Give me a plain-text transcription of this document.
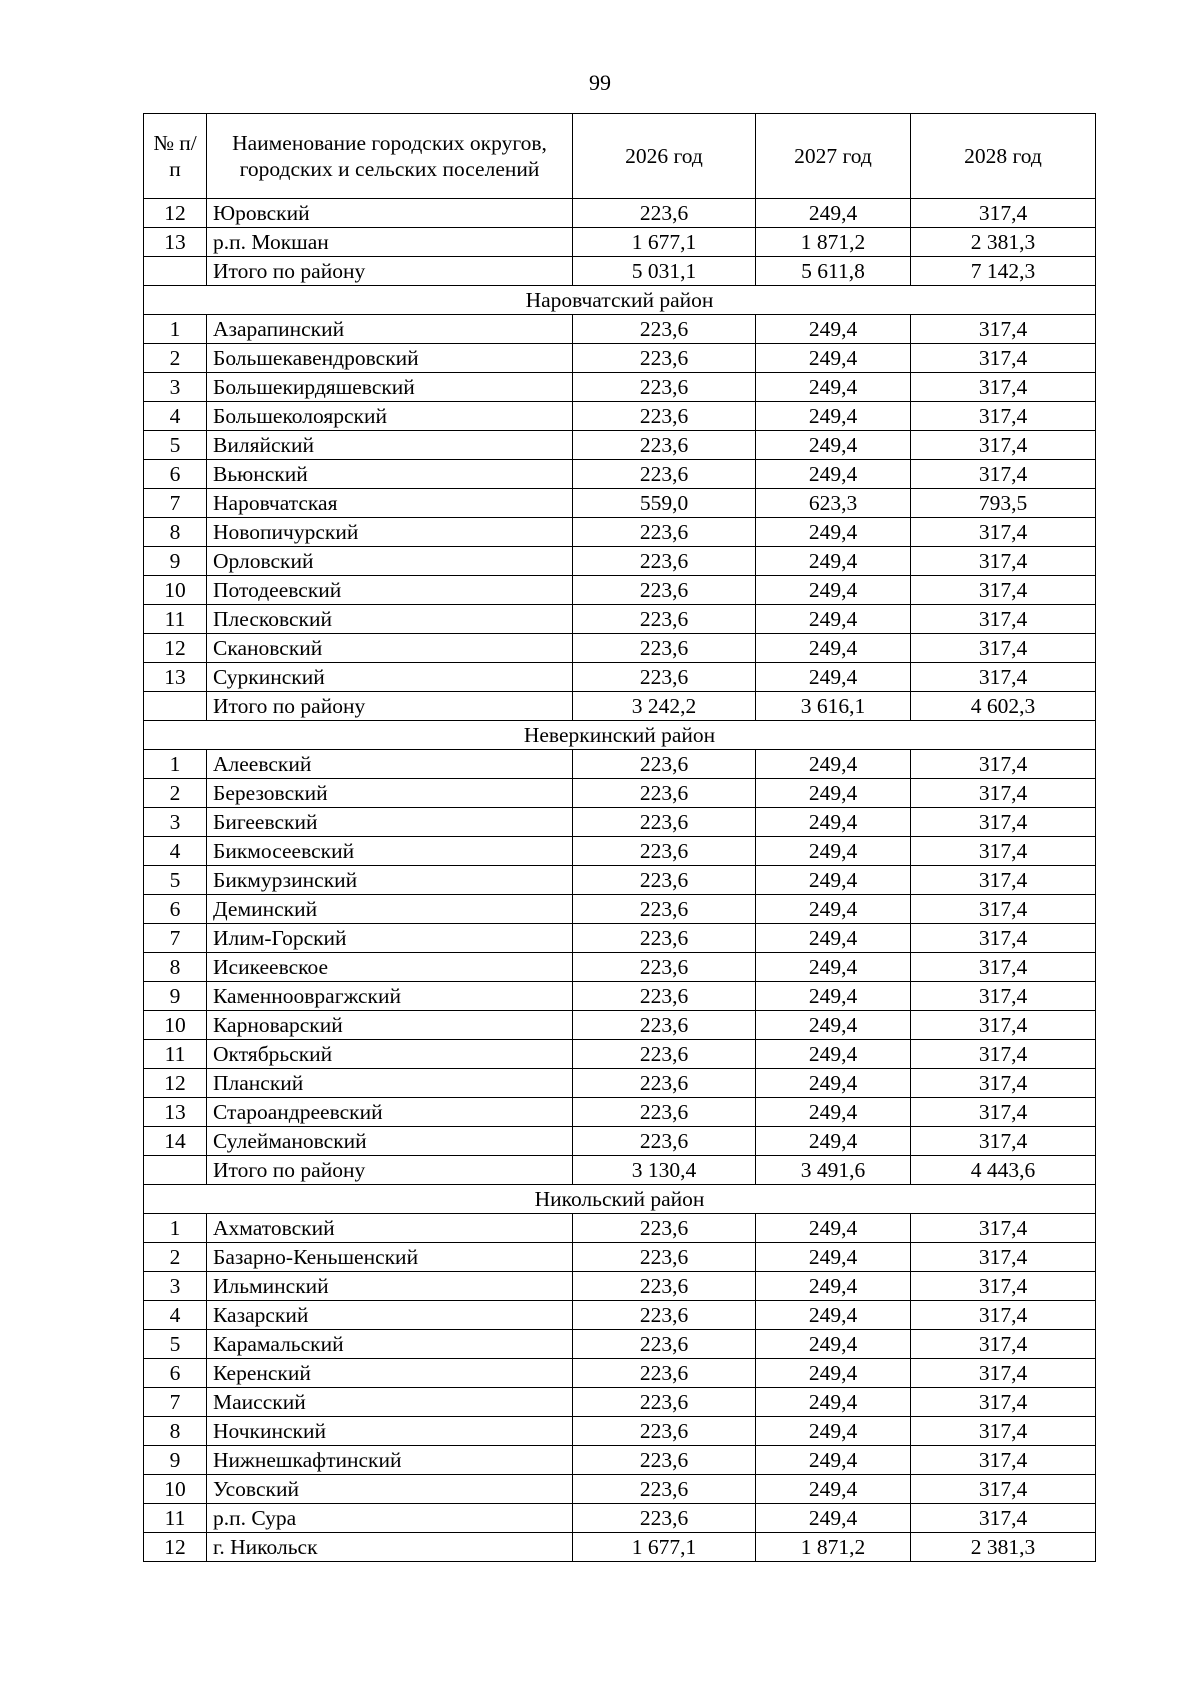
99
№ п/п	Наименование городских округов, городских и сельских поселений	2026 год	2027 год	2028 год
12	Юровский	223,6	249,4	317,4
13	р.п. Мокшан	1 677,1	1 871,2	2 381,3
	Итого по району	5 031,1	5 611,8	7 142,3
Наровчатский район				
1	Азарапинский	223,6	249,4	317,4
2	Большекавендровский	223,6	249,4	317,4
3	Большекирдяшевский	223,6	249,4	317,4
4	Большеколоярский	223,6	249,4	317,4
5	Виляйский	223,6	249,4	317,4
6	Вьюнский	223,6	249,4	317,4
7	Наровчатская	559,0	623,3	793,5
8	Новопичурский	223,6	249,4	317,4
9	Орловский	223,6	249,4	317,4
10	Потодеевский	223,6	249,4	317,4
11	Плесковский	223,6	249,4	317,4
12	Скановский	223,6	249,4	317,4
13	Суркинский	223,6	249,4	317,4
	Итого по району	3 242,2	3 616,1	4 602,3
Неверкинский район				
1	Алеевский	223,6	249,4	317,4
2	Березовский	223,6	249,4	317,4
3	Бигеевский	223,6	249,4	317,4
4	Бикмосеевский	223,6	249,4	317,4
5	Бикмурзинский	223,6	249,4	317,4
6	Деминский	223,6	249,4	317,4
7	Илим-Горский	223,6	249,4	317,4
8	Исикеевское	223,6	249,4	317,4
9	Каменнооврагжский	223,6	249,4	317,4
10	Карноварский	223,6	249,4	317,4
11	Октябрьский	223,6	249,4	317,4
12	Планский	223,6	249,4	317,4
13	Староандреевский	223,6	249,4	317,4
14	Сулеймановский	223,6	249,4	317,4
	Итого по району	3 130,4	3 491,6	4 443,6
Никольский район				
1	Ахматовский	223,6	249,4	317,4
2	Базарно-Кеньшенский	223,6	249,4	317,4
3	Ильминский	223,6	249,4	317,4
4	Казарский	223,6	249,4	317,4
5	Карамальский	223,6	249,4	317,4
6	Керенский	223,6	249,4	317,4
7	Маисский	223,6	249,4	317,4
8	Ночкинский	223,6	249,4	317,4
9	Нижнешкафтинский	223,6	249,4	317,4
10	Усовский	223,6	249,4	317,4
11	р.п. Сура	223,6	249,4	317,4
12	г. Никольск	1 677,1	1 871,2	2 381,3
